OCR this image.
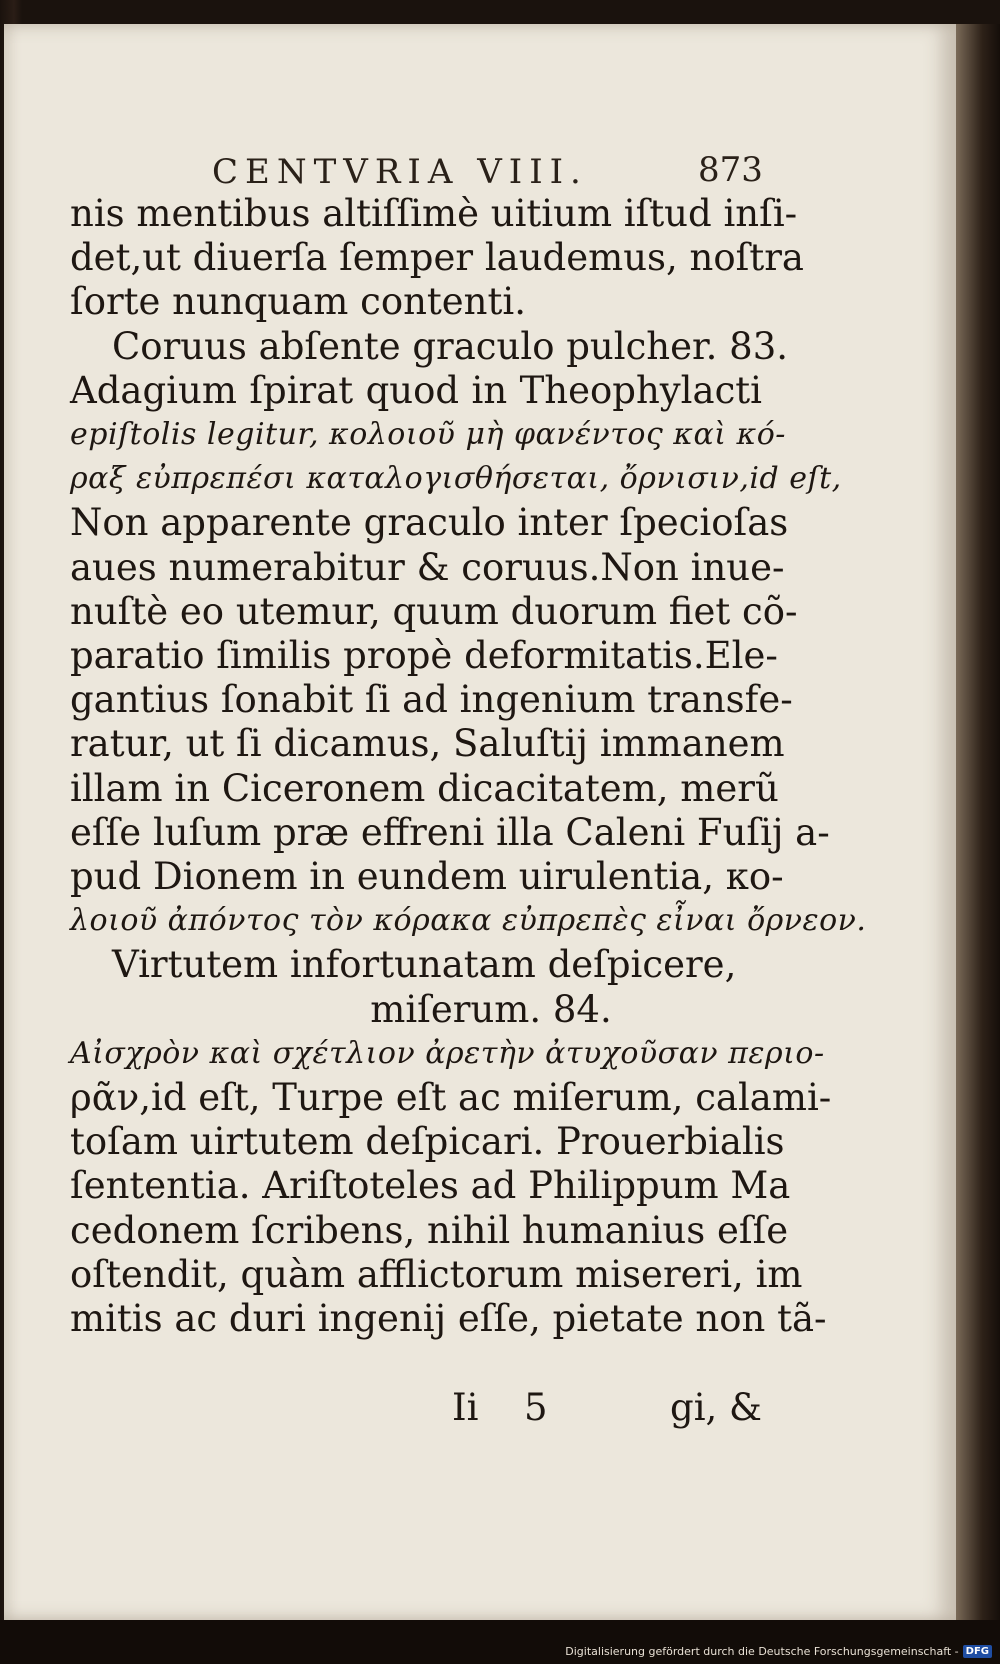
CENTVRIA VIII.	873
nis mentibus altiſſimè uitium iſtud inſi-
det,ut diuerſa ſemper laudemus, noſtra
ſorte nunquam contenti.
Coruus abſente graculo pulcher. 83.
Adagium ſpirat quod in Theophylacti
epiſtolis legitur, κολοιοῦ μὴ φανέντος καὶ κό-
ραξ εὐπρεπέσι καταλογισθήσεται, ὄρνισιν,id eſt,
Non apparente graculo inter ſpecioſas
aues numerabitur & coruus.Non inue-
nuſtè eo utemur, quum duorum fiet cõ-
paratio ſimilis propè deformitatis.Ele-
gantius ſonabit ſi ad ingenium transfe-
ratur, ut ſi dicamus, Saluſtij immanem
illam in Ciceronem dicacitatem, merũ
eſſe luſum præ effreni illa Caleni Fuſij a-
pud Dionem in eundem uirulentia, κο-
λοιοῦ ἀπόντος τὸν κόρακα εὐπρεπὲς εἶναι ὄρνεον.
Virtutem infortunatam deſpicere,
miſerum. 84.
Αἰσχρὸν καὶ σχέτλιον ἀρετὴν ἀτυχοῦσαν περιο-
ρᾶν,id eſt, Turpe eſt ac miſerum, calami-
toſam uirtutem deſpicari. Prouerbialis
ſententia. Ariſtoteles ad Philippum Ma
cedonem ſcribens, nihil humanius eſſe
oſtendit, quàm afflictorum misereri, im
mitis ac duri ingenij eſſe, pietate non tã-
Ii 5	gi, &
Digitalisierung gefördert durch die Deutsche Forschungsgemeinschaft - DFG
